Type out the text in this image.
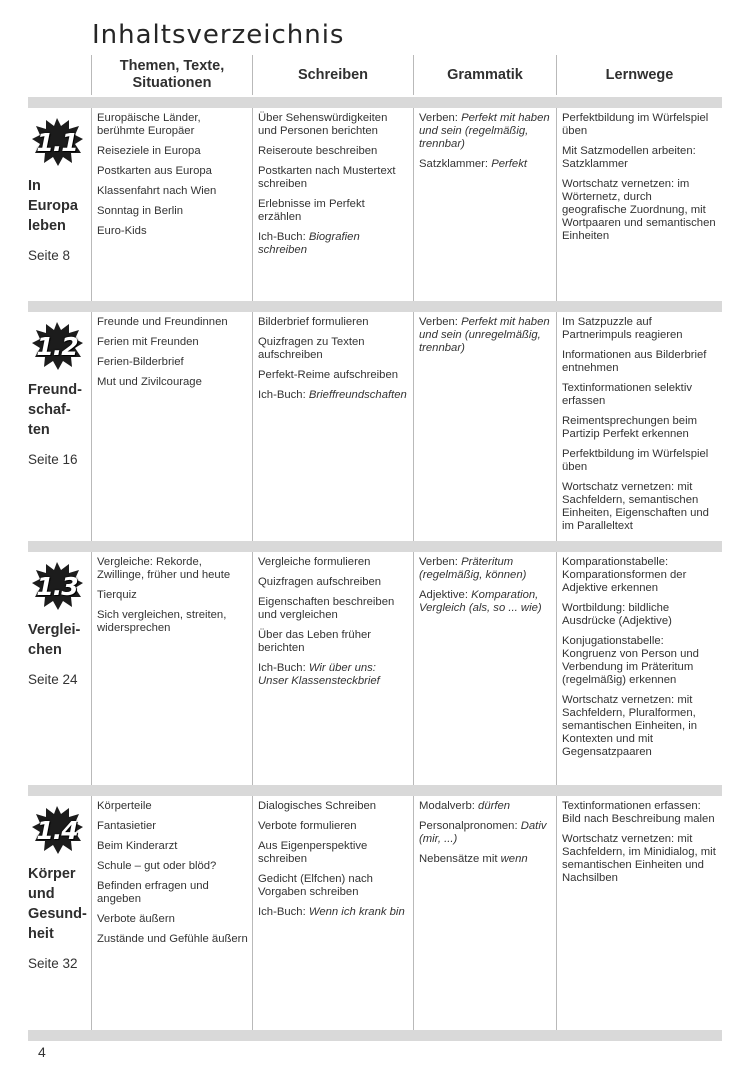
Inhaltsverzeichnis
Themen, Texte,
Situationen
Schreiben	Grammatik	Lernwege
1.1
In
Europa
leben
Seite 8
Europäische Länder, berühmte Europäer
Reiseziele in Europa
Postkarten aus Europa
Klassenfahrt nach Wien
Sonntag in Berlin
Euro-Kids
Über Sehenswürdigkeiten und Personen berichten
Reiseroute beschreiben
Postkarten nach Mustertext schreiben
Erlebnisse im Perfekt erzählen
Ich-Buch: Biografien schreiben
Verben: Perfekt mit haben und sein (regelmäßig, trennbar)
Satzklammer: Perfekt
Perfektbildung im Würfelspiel üben
Mit Satzmodellen arbeiten: Satzklammer
Wortschatz vernetzen: im Wörternetz, durch geografische Zuordnung, mit Wortpaaren und semantischen Einheiten
1.2
Freund-
schaf-
ten
Seite 16
Freunde und Freundinnen
Ferien mit Freunden
Ferien-Bilderbrief
Mut und Zivilcourage
Bilderbrief formulieren
Quizfragen zu Texten aufschreiben
Perfekt-Reime aufschreiben
Ich-Buch: Brieffreundschaften
Verben: Perfekt mit haben und sein (unregelmäßig, trennbar)
Im Satzpuzzle auf Partnerimpuls reagieren
Informationen aus Bilderbrief entnehmen
Textinformationen selektiv erfassen
Reimentsprechungen beim Partizip Perfekt erkennen
Perfektbildung im Würfelspiel üben
Wortschatz vernetzen: mit Sachfeldern, semantischen Einheiten, Eigenschaften und im Paralleltext
1.3
Verglei-
chen
Seite 24
Vergleiche: Rekorde, Zwillinge, früher und heute
Tierquiz
Sich vergleichen, streiten, widersprechen
Vergleiche formulieren
Quizfragen aufschreiben
Eigenschaften beschreiben und vergleichen
Über das Leben früher berichten
Ich-Buch: Wir über uns: Unser Klassensteckbrief
Verben: Präteritum (regelmäßig, können)
Adjektive: Komparation, Vergleich (als, so ... wie)
Komparationstabelle: Komparationsformen der Adjektive erkennen
Wortbildung: bildliche Ausdrücke (Adjektive)
Konjugationstabelle: Kongruenz von Person und Verbendung im Präteritum (regelmäßig) erkennen
Wortschatz vernetzen: mit Sachfeldern, Pluralformen, semantischen Einheiten, in Kontexten und mit Gegensatzpaaren
1.4
Körper
und
Gesund-
heit
Seite 32
Körperteile
Fantasietier
Beim Kinderarzt
Schule – gut oder blöd?
Befinden erfragen und angeben
Verbote äußern
Zustände und Gefühle äußern
Dialogisches Schreiben
Verbote formulieren
Aus Eigenperspektive schreiben
Gedicht (Elfchen) nach Vorgaben schreiben
Ich-Buch: Wenn ich krank bin
Modalverb: dürfen
Personalpronomen: Dativ (mir, ...)
Nebensätze mit wenn
Textinformationen erfassen: Bild nach Beschreibung malen
Wortschatz vernetzen: mit Sachfeldern, im Minidialog, mit semantischen Einheiten und Nachsilben
4
